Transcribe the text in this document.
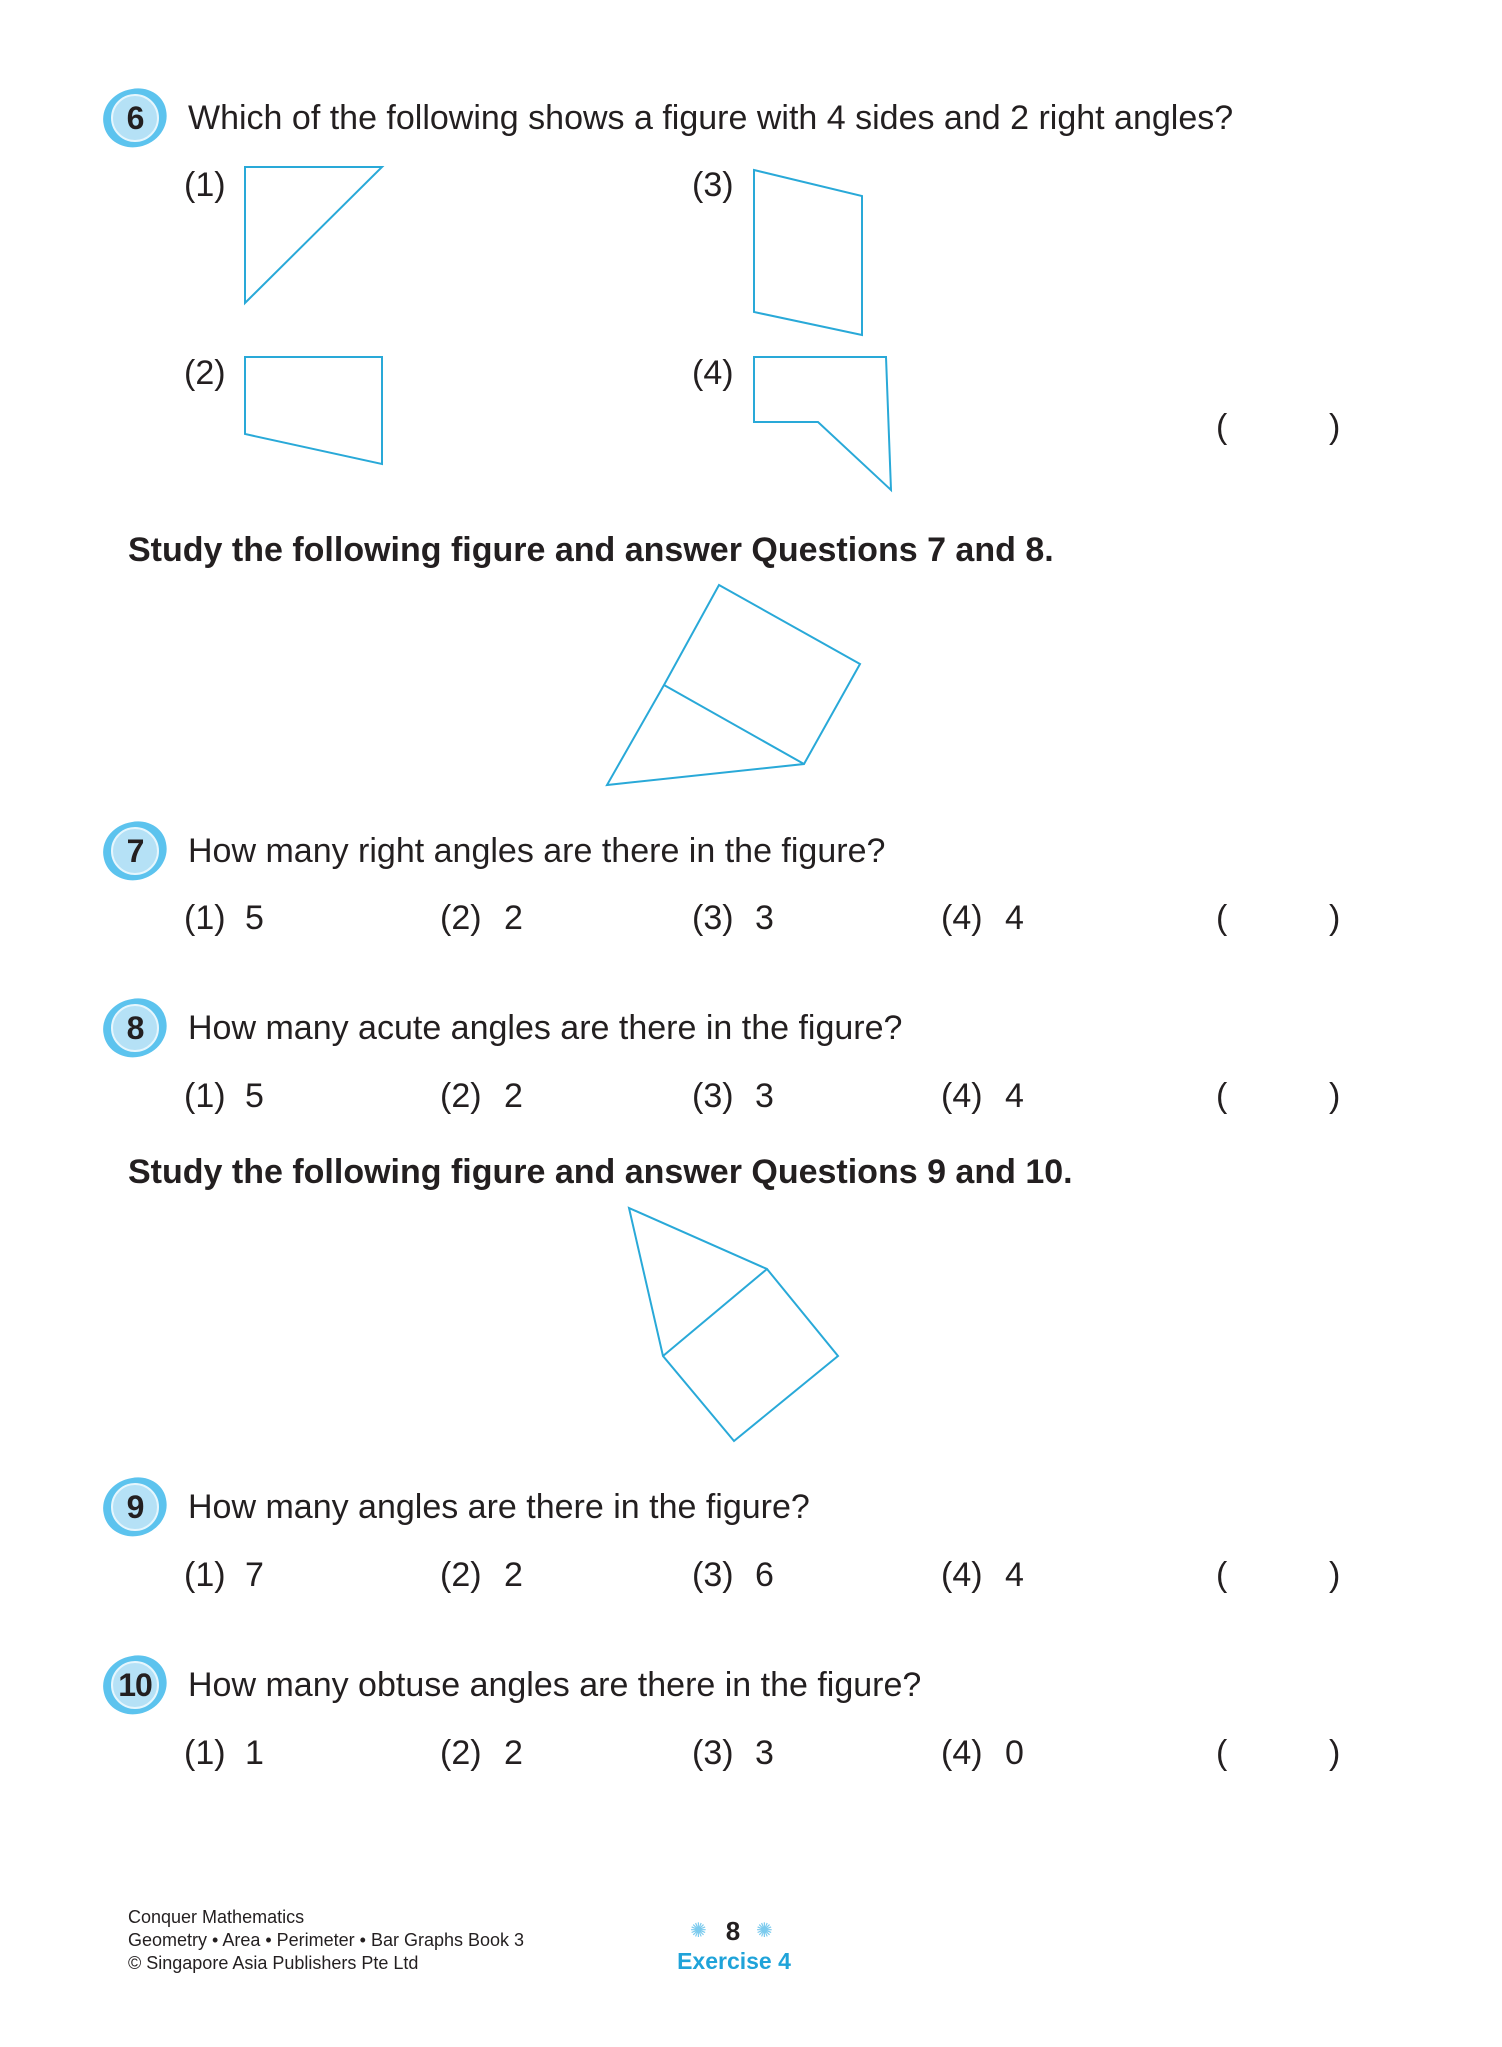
6	Which of the following shows a figure with 4 sides and 2 right angles?
(1)
(2)
(3)
(4)
(	)
Study the following figure and answer Questions 7 and 8.
Study the following figure and answer Questions 9 and 10.
7	How many right angles are there in the figure?
(1) 5	(2) 2	(3) 3	(4) 4	(	)
8	How many acute angles are there in the figure?
(1) 5	(2) 2	(3) 3	(4) 4	(	)
9	How many angles are there in the figure?
(1) 7	(2) 2	(3) 6	(4) 4	(	)
10	How many obtuse angles are there in the figure?
(1) 1	(2) 2	(3) 3	(4) 0	(	)
Conquer Mathematics
Geometry • Area • Perimeter • Bar Graphs Book 3
© Singapore Asia Publishers Pte Ltd
✺ 8 ✺
Exercise 4
